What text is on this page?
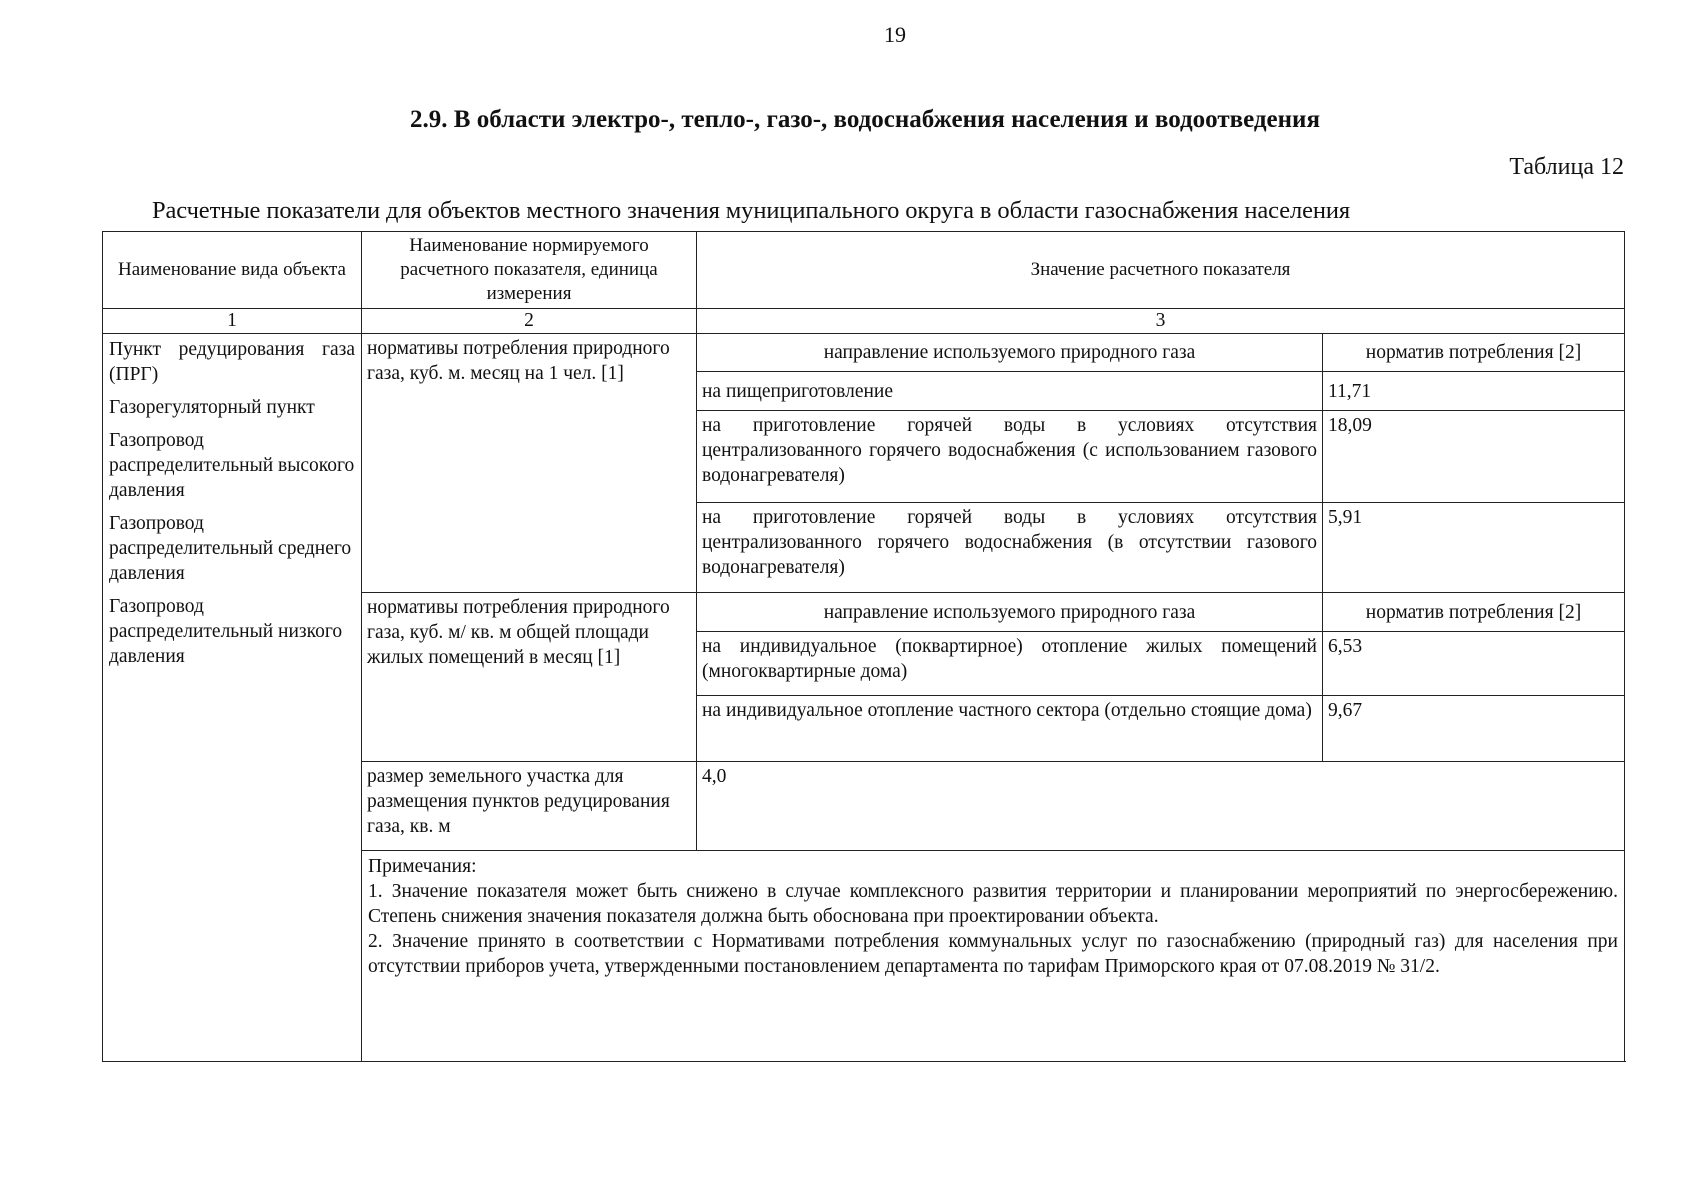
19
2.9. В области электро-, тепло-, газо-, водоснабжения населения и водоотведения
Таблица 12
Расчетные показатели для объектов местного значения муниципального округа в области газоснабжения населения
Наименование вида объекта	Наименование нормируемого расчетного показателя, единица измерения	Значение расчетного показателя	
1	2	3	

Пункт редуцирования газа (ПРГ)

Газорегуляторный пункт

Газопровод распределительный высокого давления

Газопровод распределительный среднего давления

Газопровод распределительный низкого давления	нормативы потребления природного газа, куб. м. месяц на 1 чел. [1]	направление используемого природного газа	норматив потребления [2]
		на пищеприготовление	11,71
		на приготовление горячей воды в условиях отсутствия централизованного горячего водоснабжения (с использованием газового водонагревателя)	18,09
		на приготовление горячей воды в условиях отсутствия централизованного горячего водоснабжения (в отсутствии газового водонагревателя)	5,91
	нормативы потребления природного газа, куб. м/ кв. м общей площади жилых помещений в месяц [1]	направление используемого природного газа	норматив потребления [2]
		на индивидуальное (поквартирное) отопление жилых помещений (многоквартирные дома)	6,53
		на индивидуальное отопление частного сектора (отдельно стоящие дома)	9,67
	размер земельного участка для размещения пунктов редуцирования газа, кв. м	4,0	

	Примечания:
1. Значение показателя может быть снижено в случае комплексного развития территории и планировании мероприятий по энергосбережению. Степень снижения значения показателя должна быть обоснована при проектировании объекта.
2. Значение принято в соответствии с Нормативами потребления коммунальных услуг по газоснабжению (природный газ) для населения при отсутствии приборов учета, утвержденными постановлением департамента по тарифам Приморского края от 07.08.2019 № 31/2.		
